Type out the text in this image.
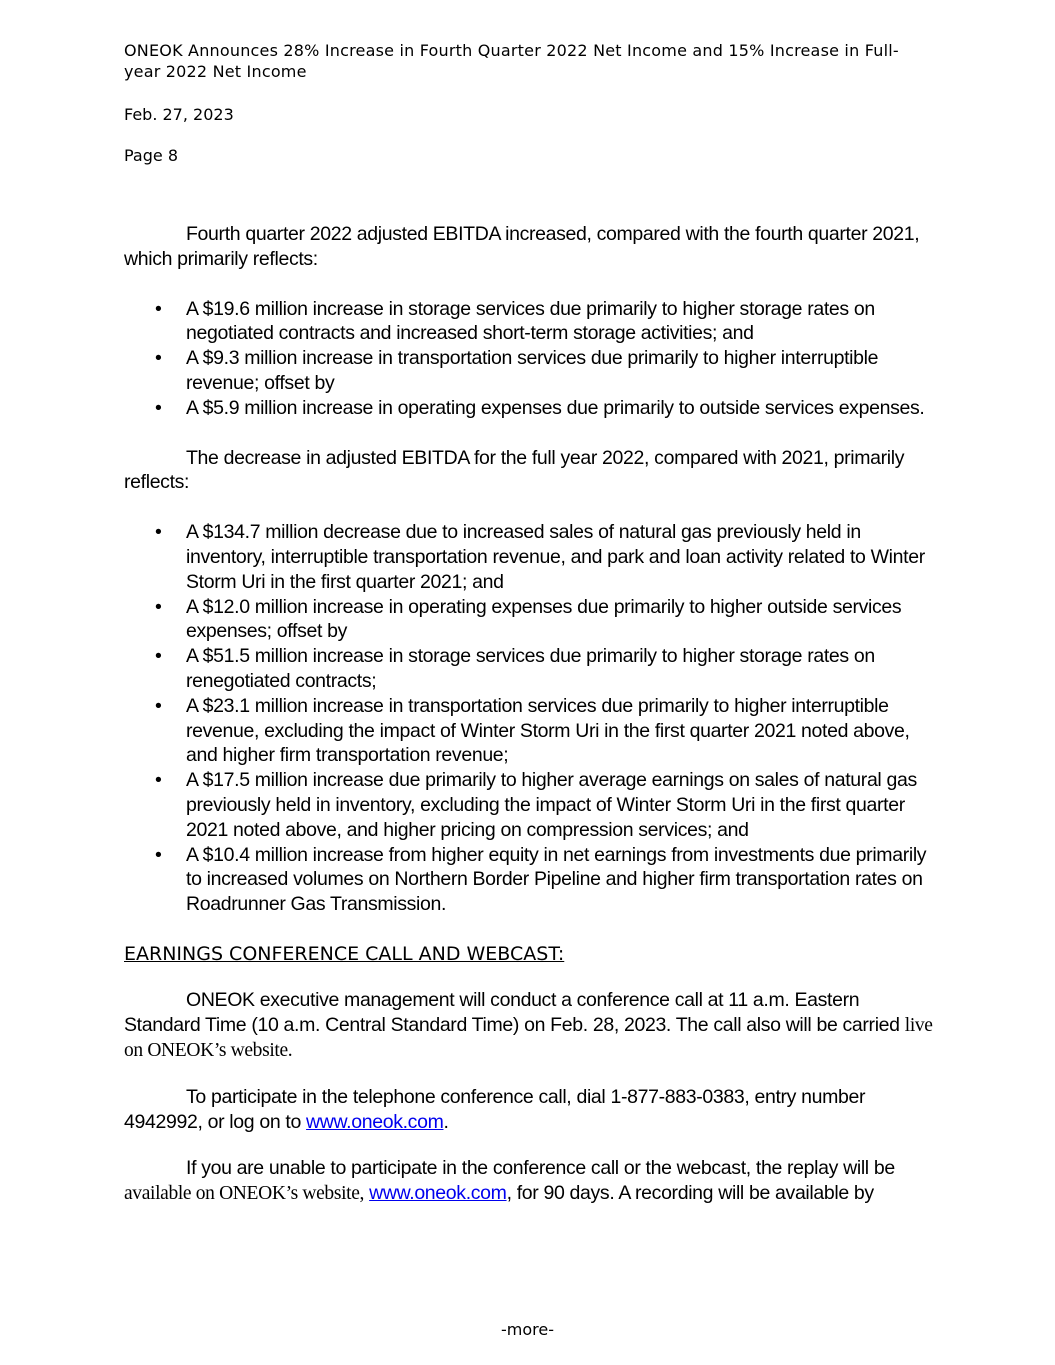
ONEOK Announces 28% Increase in Fourth Quarter 2022 Net Income and 15% Increase in Full-
year 2022 Net Income
Feb. 27, 2023
Page 8

Fourth quarter 2022 adjusted EBITDA increased, compared with the fourth quarter 2021, which primarily reflects:

• A $19.6 million increase in storage services due primarily to higher storage rates on negotiated contracts and increased short-term storage activities; and
• A $9.3 million increase in transportation services due primarily to higher interruptible revenue; offset by
• A $5.9 million increase in operating expenses due primarily to outside services expenses.

The decrease in adjusted EBITDA for the full year 2022, compared with 2021, primarily reflects:

• A $134.7 million decrease due to increased sales of natural gas previously held in inventory, interruptible transportation revenue, and park and loan activity related to Winter Storm Uri in the first quarter 2021; and
• A $12.0 million increase in operating expenses due primarily to higher outside services expenses; offset by
• A $51.5 million increase in storage services due primarily to higher storage rates on renegotiated contracts;
• A $23.1 million increase in transportation services due primarily to higher interruptible revenue, excluding the impact of Winter Storm Uri in the first quarter 2021 noted above, and higher firm transportation revenue;
• A $17.5 million increase due primarily to higher average earnings on sales of natural gas previously held in inventory, excluding the impact of Winter Storm Uri in the first quarter 2021 noted above, and higher pricing on compression services; and
• A $10.4 million increase from higher equity in net earnings from investments due primarily to increased volumes on Northern Border Pipeline and higher firm transportation rates on Roadrunner Gas Transmission.

EARNINGS CONFERENCE CALL AND WEBCAST:

ONEOK executive management will conduct a conference call at 11 a.m. Eastern Standard Time (10 a.m. Central Standard Time) on Feb. 28, 2023. The call also will be carried live on ONEOK’s website.

To participate in the telephone conference call, dial 1-877-883-0383, entry number 4942992, or log on to www.oneok.com.

If you are unable to participate in the conference call or the webcast, the replay will be available on ONEOK’s website, www.oneok.com, for 90 days. A recording will be available by

-more-
